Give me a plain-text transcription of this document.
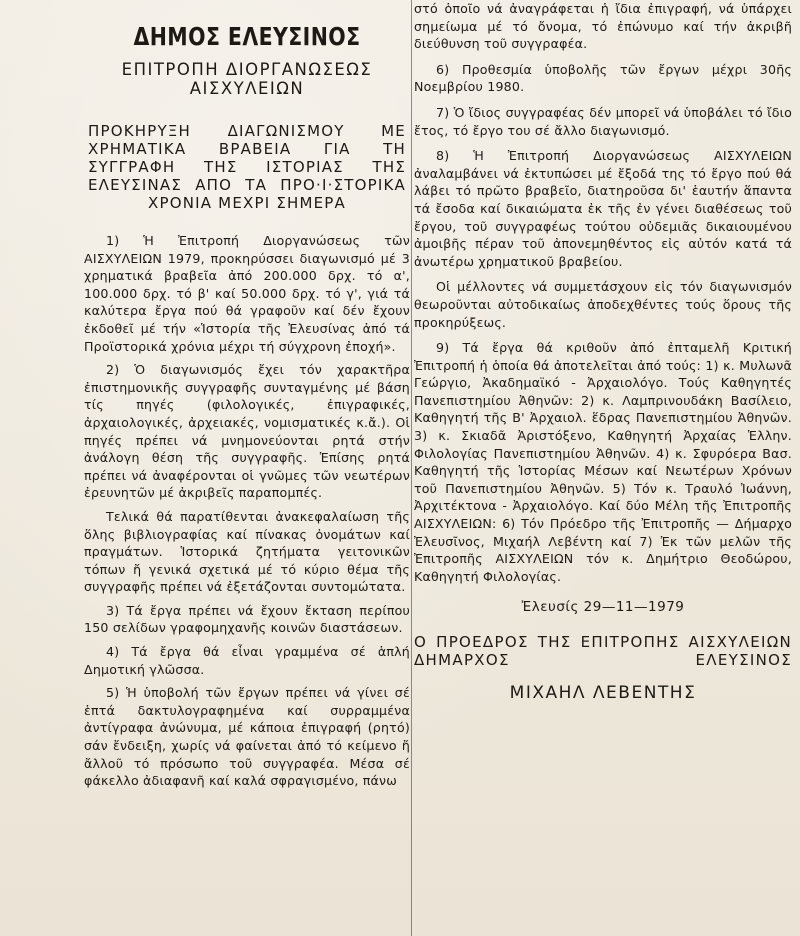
ΔΗΜΟΣ ΕΛΕΥΣΙΝΟΣ
ΕΠΙΤΡΟΠΗ ΔΙΟΡΓΑΝΩΣΕΩΣ
ΑΙΣΧΥΛΕΙΩΝ
ΠΡΟΚΗΡΥΞΗ ΔΙΑΓΩΝΙΣΜΟΥ ΜΕ ΧΡΗΜΑΤΙΚΑ ΒΡΑΒΕΙΑ ΓΙΑ ΤΗ ΣΥΓΓΡΑΦΗ ΤΗΣ ΙΣΤΟΡΙΑΣ ΤΗΣ ΕΛΕΥΣΙΝΑΣ ΑΠΟ ΤΑ ΠΡΟ·Ι·ΣΤΟΡΙΚΑ ΧΡΟΝΙΑ ΜΕΧΡΙ ΣΗΜΕΡΑ

1) Ἡ Ἐπιτροπή Διοργανώσεως τῶν ΑΙΣΧΥΛΕΙΩΝ 1979, προκηρύσσει διαγωνισμό μέ 3 χρηματικά βραβεῖα ἀπό 200.000 δρχ. τό α', 100.000 δρχ. τό β' καί 50.000 δρχ. τό γ', γιά τά καλύτερα ἔργα πού θά γραφοῦν καί δέν ἔχουν ἐκδοθεῖ μέ τήν «Ἱστορία τῆς Ἐλευσίνας ἀπό τά Προϊστορικά χρόνια μέχρι τή σύγχρονη ἐποχή».

2) Ὁ διαγωνισμός ἔχει τόν χαρακτῆρα ἐπιστημονικῆς συγγραφῆς συνταγμένης μέ βάση τίς πηγές (φιλολογικές, ἐπιγραφικές, ἀρχαιολογικές, ἀρχειακές, νομισματικές κ.ἄ.). Οἱ πηγές πρέπει νά μνημονεύονται ρητά στήν ἀνάλογη θέση τῆς συγγραφῆς. Ἐπίσης ρητά πρέπει νά ἀναφέρονται οἱ γνῶμες τῶν νεωτέρων ἐρευνητῶν μέ ἀκριβεῖς παραπομπές.

Τελικά θά παρατίθενται ἀνακεφαλαίωση τῆς ὅλης βιβλιογραφίας καί πίνακας ὀνομάτων καί πραγμάτων. Ἱστορικά ζητήματα γειτονικῶν τόπων ἤ γενικά σχετικά μέ τό κύριο θέμα τῆς συγγραφῆς πρέπει νά ἐξετάζονται συντομώτατα.

3) Τά ἔργα πρέπει νά ἔχουν ἔκταση περίπου 150 σελίδων γραφομηχανῆς κοινῶν διαστάσεων.

4) Τά ἔργα θά εἶναι γραμμένα σέ ἁπλή Δημοτική γλῶσσα.

5) Ἡ ὑποβολή τῶν ἔργων πρέπει νά γίνει σέ ἑπτά δακτυλογραφημένα καί συρραμμένα ἀντίγραφα ἀνώνυμα, μέ κάποια ἐπιγραφή (ρητό) σάν ἔνδειξη, χωρίς νά φαίνεται ἀπό τό κείμενο ἤ ἄλλοῦ τό πρόσωπο τοῦ συγγραφέα. Μέσα σέ φάκελλο ἀδιαφανῆ καί καλά σφραγισμένο, πάνω

στό ὁποῖο νά ἀναγράφεται ἡ ἴδια ἐπιγραφή, νά ὑπάρχει σημείωμα μέ τό ὄνομα, τό ἐπώνυμο καί τήν ἀκριβῆ διεύθυνση τοῦ συγγραφέα.

6) Προθεσμία ὑποβολῆς τῶν ἔργων μέχρι 30ῆς Νοεμβρίου 1980.

7) Ὁ ἴδιος συγγραφέας δέν μπορεῖ νά ὑποβάλει τό ἴδιο ἔτος, τό ἔργο του σέ ἄλλο διαγωνισμό.

8) Ἡ Ἐπιτροπή Διοργανώσεως ΑΙΣΧΥΛΕΙΩΝ ἀναλαμβάνει νά ἐκτυπώσει μέ ἔξοδά της τό ἔργο πού θά λάβει τό πρῶτο βραβεῖο, διατηροῦσα δι' ἑαυτήν ἅπαντα τά ἔσοδα καί δικαιώματα ἐκ τῆς ἐν γένει διαθέσεως τοῦ ἔργου, τοῦ συγγραφέως τούτου οὐδεμιᾶς δικαιουμένου ἀμοιβῆς πέραν τοῦ ἀπονεμηθέντος εἰς αὐτόν κατά τά ἀνωτέρω χρηματικοῦ βραβείου.

Οἱ μέλλοντες νά συμμετάσχουν εἰς τόν διαγωνισμόν θεωροῦνται αὐτοδικαίως ἀποδεχθέντες τούς ὅρους τῆς προκηρύξεως.

9) Τά ἔργα θά κριθοῦν ἀπό ἐπταμελῆ Κριτική Ἐπιτροπή ἡ ὁποία θά ἀποτελεῖται ἀπό τούς: 1) κ. Μυλωνᾶ Γεώργιο, Ἀκαδημαϊκό - Ἀρχαιολόγο. Τούς Καθηγητές Πανεπιστημίου Ἀθηνῶν: 2) κ. Λαμπρινουδάκη Βασίλειο, Καθηγητή τῆς Β' Ἀρχαιολ. ἕδρας Πανεπιστημίου Ἀθηνῶν. 3) κ. Σκιαδᾶ Ἀριστόξενο, Καθηγητή Ἀρχαίας Ἑλλην. Φιλολογίας Πανεπιστημίου Ἀθηνῶν. 4) κ. Σφυρόερα Βασ. Καθηγητή τῆς Ἱστορίας Μέσων καί Νεωτέρων Χρόνων τοῦ Πανεπιστημίου Ἀθηνῶν. 5) Τόν κ. Τραυλό Ἰωάννη, Ἀρχιτέκτονα - Ἀρχαιολόγο. Καί δύο Μέλη τῆς Ἐπιτροπῆς ΑΙΣΧΥΛΕΙΩΝ: 6) Τόν Πρόεδρο τῆς Ἐπιτροπῆς — Δήμαρχο Ἐλευσῖνος, Μιχαήλ Λεβέντη καί 7) Ἐκ τῶν μελῶν τῆς Ἐπιτροπῆς ΑΙΣΧΥΛΕΙΩΝ τόν κ. Δημήτριο Θεοδώρου, Καθηγητή Φιλολογίας.

Ἐλευσίς 29—11—1979
Ο ΠΡΟΕΔΡΟΣ ΤΗΣ ΕΠΙΤΡΟΠΗΣ ΑΙΣΧΥΛΕΙΩΝ ΔΗΜΑΡΧΟΣ ΕΛΕΥΣΙΝΟΣ
ΜΙΧΑΗΛ ΛΕΒΕΝΤΗΣ
